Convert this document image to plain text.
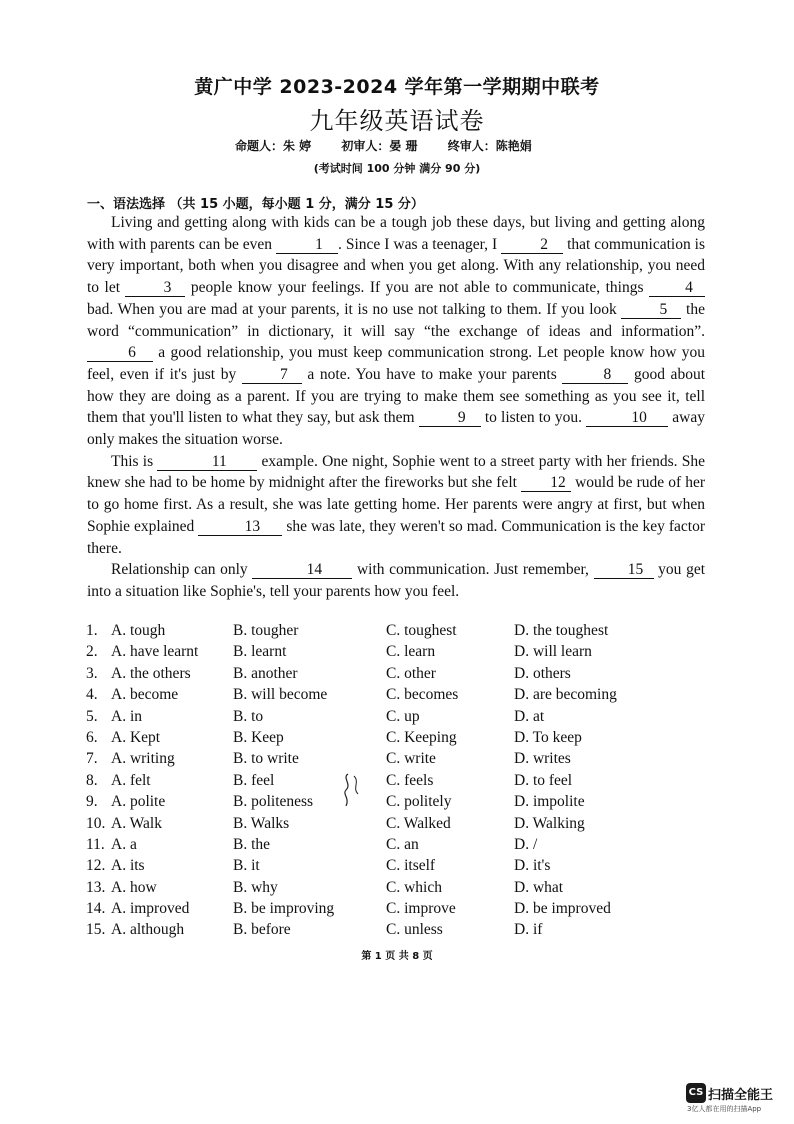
黄广中学 2023-2024 学年第一学期期中联考
九年级英语试卷
命题人：朱 婷	初审人：晏 珊	终审人：陈艳娟
(考试时间 100 分钟 满分 90 分)
一、语法选择 （共 15 小题，每小题 1 分，满分 15 分）

Living and getting along with kids can be a tough job these days, but living and getting along with with parents can be even	1 . Since I was a teenager, I	2 that communication is very important, both when you disagree and when you get along. With any relationship, you need to let 3 people know your feelings. If you are not able to communicate, things 4 bad. When you are mad at your parents, it is no use not talking to them. If you look 5 the word “communication” in dictionary, it will say “the exchange of ideas and information”. 6 a good relationship, you must keep communication strong. Let people know how you feel, even if it's just by 7 a note. You have to make your parents	8 good about how they are doing as a parent. If you are trying to make them see something as you see it, tell them that you'll listen to what they say, but ask them	9 to listen to you.	10 away only makes the situation worse.

This is	11 example. One night, Sophie went to a street party with her friends. She knew she had to be home by midnight after the fireworks but she felt 12 would be rude of her to go home first. As a result, she was late getting home. Her parents were angry at first, but when Sophie explained	13 she was late, they weren't so mad. Communication is the key factor there.

Relationship can only	14 with communication. Just remember, 15 you get into a situation like Sophie's, tell your parents how you feel.

1. A. tough	B. tougher	C. toughest	D. the toughest
2. A. have learnt B. learnt	C. learn	D. will learn
3. A. the others	B. another	C. other	D. others
4. A. become	B. will become	C. becomes	D. are becoming
5. A. in	B. to	C. up	D. at
6. A. Kept	B. Keep	C. Keeping	D. To keep
7. A. writing	B. to write	C. write	D. writes
8. A. felt	B. feel	C. feels	D. to feel
9. A. polite	B. politeness	C. politely	D. impolite
10. A. Walk	B. Walks	C. Walked	D. Walking
11. A. a	B. the	C. an	D. /
12. A. its	B. it	C. itself	D. it's
13. A. how	B. why	C. which	D. what
14. A. improved	B. be improving	C. improve	D. be improved
15. A. although	B. before	C. unless	D. if
第 1 页 共 8 页
CS 扫描全能王
3亿人都在用的扫描App
